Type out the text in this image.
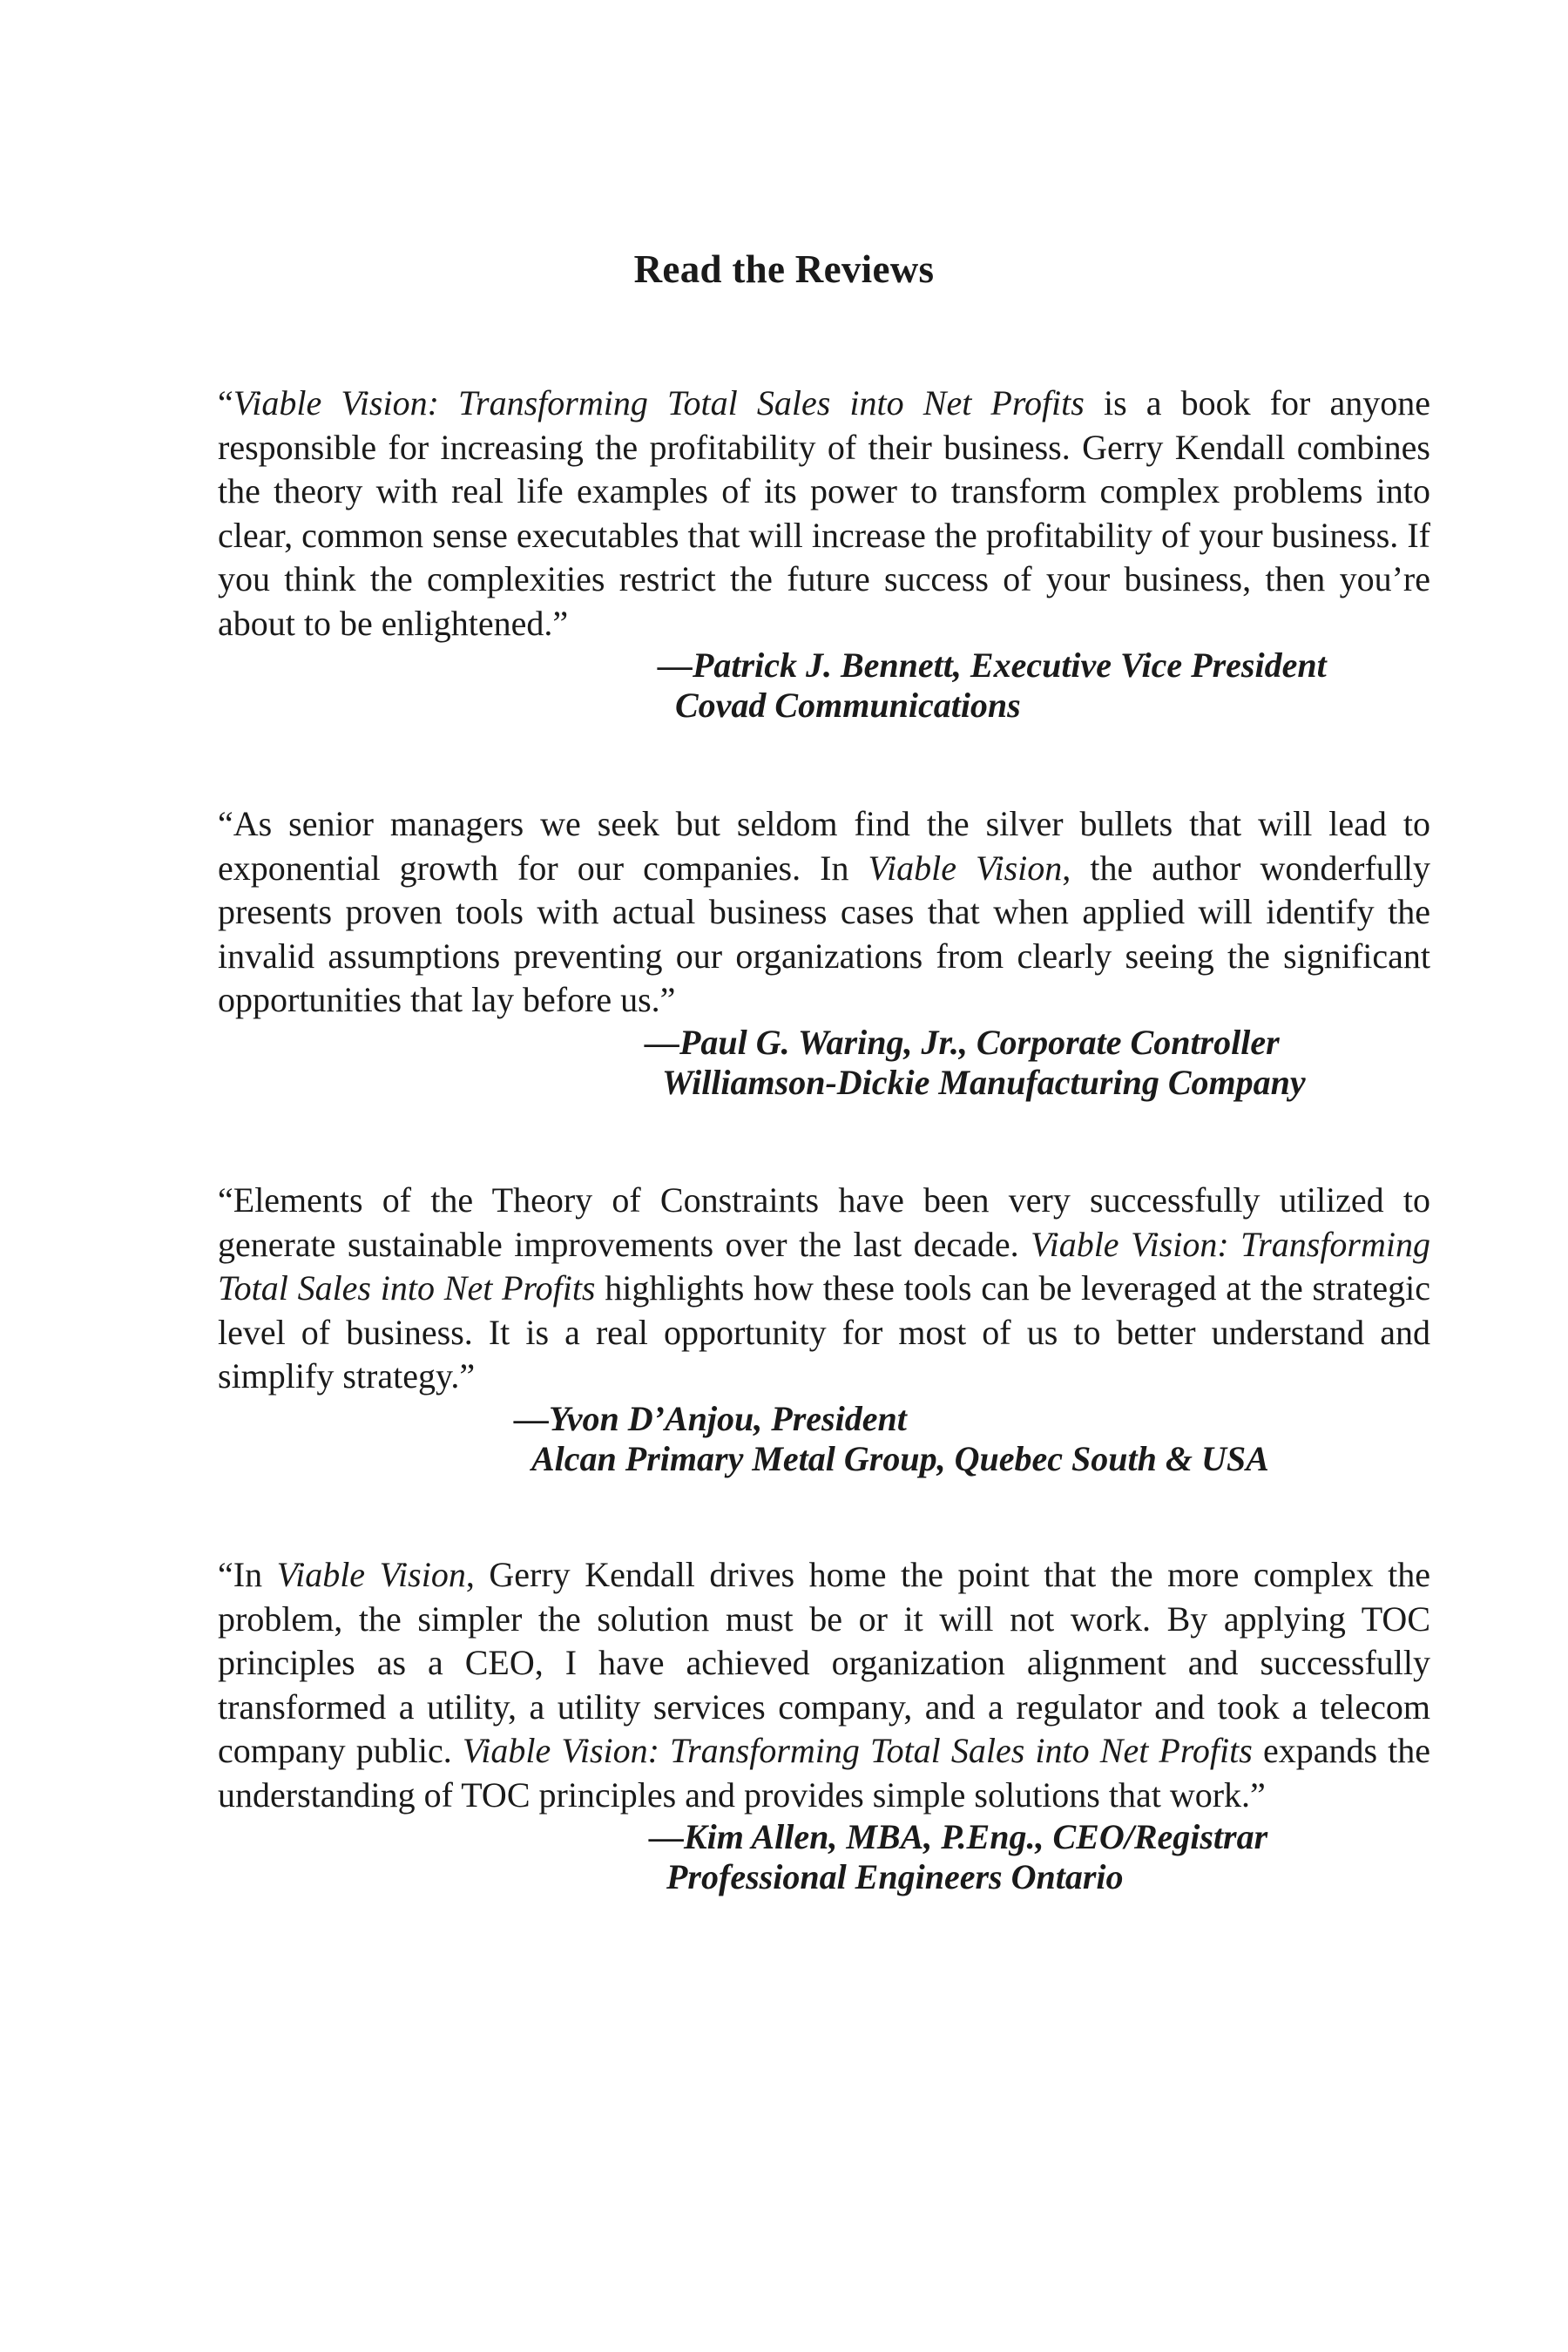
Read the Reviews

“Viable Vision: Transforming Total Sales into Net Profits is a book for anyone responsible for increasing the profitability of their business. Gerry Kendall combines the theory with real life examples of its power to transform complex problems into clear, common sense executables that will increase the profitability of your business. If you think the complexities restrict the future success of your business, then you’re about to be enlightened.”

—Patrick J. Bennett, Executive Vice President
Covad Communications

“As senior managers we seek but seldom find the silver bullets that will lead to exponential growth for our companies. In Viable Vision, the author wonderfully presents proven tools with actual business cases that when applied will identify the invalid assumptions preventing our organizations from clearly seeing the significant opportunities that lay before us.”

—Paul G. Waring, Jr., Corporate Controller
Williamson-Dickie Manufacturing Company

“Elements of the Theory of Constraints have been very successfully utilized to generate sustainable improvements over the last decade. Viable Vision: Transforming Total Sales into Net Profits highlights how these tools can be leveraged at the strategic level of business. It is a real opportunity for most of us to better understand and simplify strategy.”

—Yvon D’Anjou, President
Alcan Primary Metal Group, Quebec South & USA

“In Viable Vision, Gerry Kendall drives home the point that the more complex the problem, the simpler the solution must be or it will not work. By applying TOC principles as a CEO, I have achieved organization alignment and successfully transformed a utility, a utility services company, and a regulator and took a telecom company public. Viable Vision: Transforming Total Sales into Net Profits expands the understanding of TOC principles and provides simple solutions that work.”

—Kim Allen, MBA, P.Eng., CEO/Registrar
Professional Engineers Ontario
